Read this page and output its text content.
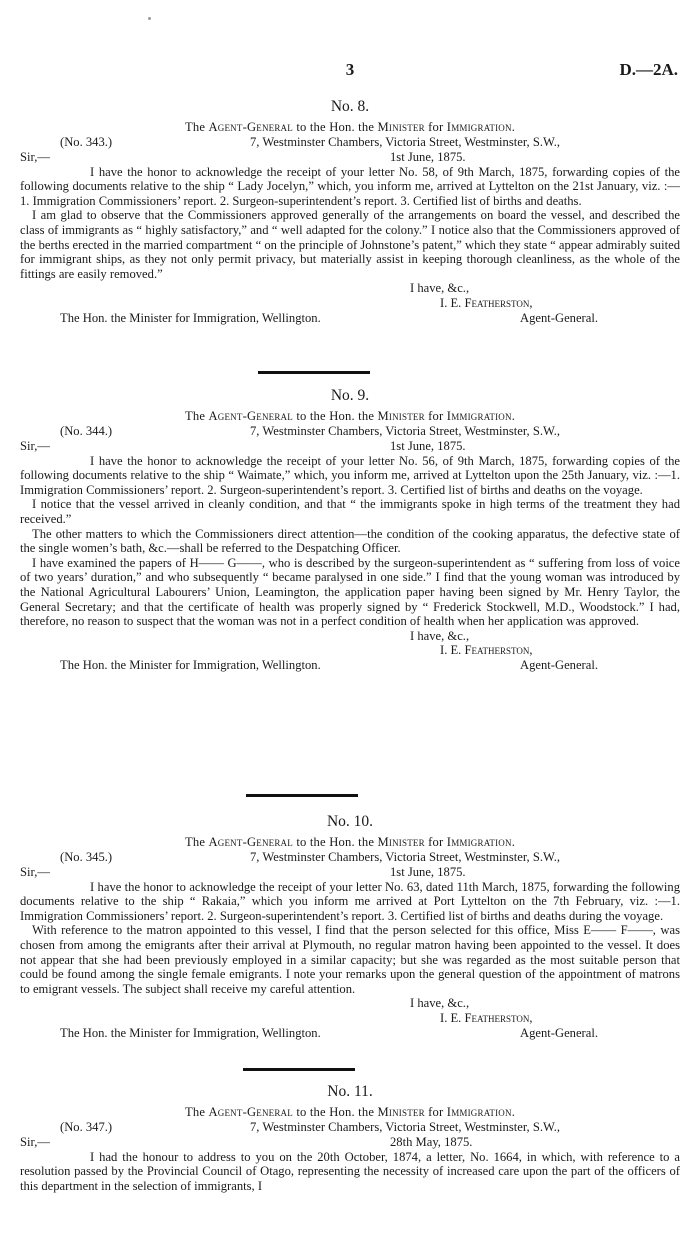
3	D.—2A.
No. 8.
The Agent-General to the Hon. the Minister for Immigration.
(No. 343.)	7, Westminster Chambers, Victoria Street, Westminster, S.W.,
Sir,—	1st June, 1875.

I have the honor to acknowledge the receipt of your letter No. 58, of 9th March, 1875, forwarding copies of the following documents relative to the ship “ Lady Jocelyn,” which, you inform me, arrived at Lyttelton on the 21st January, viz. :—1. Immigration Commissioners’ report. 2. Surgeon-superintendent’s report. 3. Certified list of births and deaths.

I am glad to observe that the Commissioners approved generally of the arrangements on board the vessel, and described the class of immigrants as “ highly satisfactory,” and “ well adapted for the colony.” I notice also that the Commissioners approved of the berths erected in the married compartment “ on the principle of Johnstone’s patent,” which they state “ appear admirably suited for immigrant ships, as they not only permit privacy, but materially assist in keeping thorough cleanliness, as the whole of the fittings are easily removed.”

I have, &c.,
I. E. Featherston,
The Hon. the Minister for Immigration, Wellington.	Agent-General.
No. 9.
The Agent-General to the Hon. the Minister for Immigration.
(No. 344.)	7, Westminster Chambers, Victoria Street, Westminster, S.W.,
Sir,—	1st June, 1875.

I have the honor to acknowledge the receipt of your letter No. 56, of 9th March, 1875, forwarding copies of the following documents relative to the ship “ Waimate,” which, you inform me, arrived at Lyttelton upon the 25th January, viz. :—1. Immigration Commissioners’ report. 2. Surgeon-superintendent’s report. 3. Certified list of births and deaths on the voyage.

I notice that the vessel arrived in cleanly condition, and that “ the immigrants spoke in high terms of the treatment they had received.”

The other matters to which the Commissioners direct attention—the condition of the cooking apparatus, the defective state of the single women’s bath, &c.—shall be referred to the Despatching Officer.

I have examined the papers of H—— G——, who is described by the surgeon-superintendent as “ suffering from loss of voice of two years’ duration,” and who subsequently “ became paralysed in one side.” I find that the young woman was introduced by the National Agricultural Labourers’ Union, Leamington, the application paper having been signed by Mr. Henry Taylor, the General Secretary; and that the certificate of health was properly signed by “ Frederick Stockwell, M.D., Woodstock.” I had, therefore, no reason to suspect that the woman was not in a perfect condition of health when her application was approved.

I have, &c.,
I. E. Featherston,
The Hon. the Minister for Immigration, Wellington.	Agent-General.
No. 10.
The Agent-General to the Hon. the Minister for Immigration.
(No. 345.)	7, Westminster Chambers, Victoria Street, Westminster, S.W.,
Sir,—	1st June, 1875.

I have the honor to acknowledge the receipt of your letter No. 63, dated 11th March, 1875, forwarding the following documents relative to the ship “ Rakaia,” which you inform me arrived at Port Lyttelton on the 7th February, viz. :—1. Immigration Commissioners’ report. 2. Surgeon-superintendent’s report. 3. Certified list of births and deaths during the voyage.

With reference to the matron appointed to this vessel, I find that the person selected for this office, Miss E—— F——, was chosen from among the emigrants after their arrival at Plymouth, no regular matron having been appointed to the vessel. It does not appear that she had been previously employed in a similar capacity; but she was regarded as the most suitable person that could be found among the single female emigrants. I note your remarks upon the general question of the appointment of matrons to emigrant vessels. The subject shall receive my careful attention.

I have, &c.,
I. E. Featherston,
The Hon. the Minister for Immigration, Wellington.	Agent-General.
No. 11.
The Agent-General to the Hon. the Minister for Immigration.
(No. 347.)	7, Westminster Chambers, Victoria Street, Westminster, S.W.,
Sir,—	28th May, 1875.

I had the honour to address to you on the 20th October, 1874, a letter, No. 1664, in which, with reference to a resolution passed by the Provincial Council of Otago, representing the necessity of increased care upon the part of the officers of this department in the selection of immigrants, I
